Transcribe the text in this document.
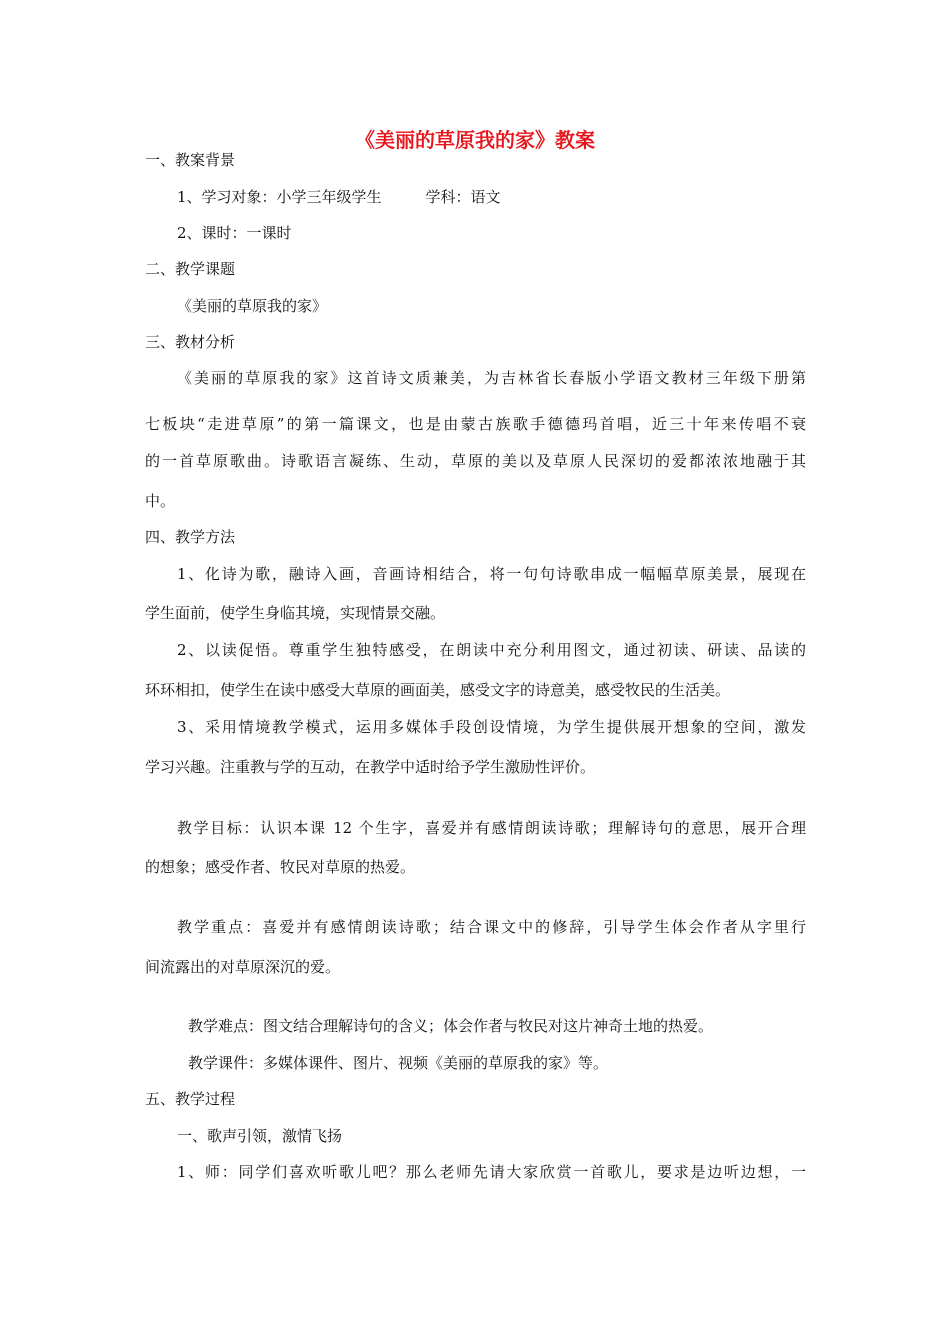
《美丽的草原我的家》教案

一、教案背景

1、学习对象：小学三年级学生	学科：语文

2、课时：一课时

二、教学课题

《美丽的草原我的家》

三、教材分析

《美丽的草原我的家》这首诗文质兼美，为吉林省长春版小学语文教材三年级下册第

七板块“走进草原”的第一篇课文，也是由蒙古族歌手德德玛首唱，近三十年来传唱不衰

的一首草原歌曲。诗歌语言凝练、生动，草原的美以及草原人民深切的爱都浓浓地融于其

中。

四、教学方法

1、化诗为歌，融诗入画，音画诗相结合，将一句句诗歌串成一幅幅草原美景，展现在

学生面前，使学生身临其境，实现情景交融。

2、以读促悟。尊重学生独特感受，在朗读中充分利用图文，通过初读、研读、品读的

环环相扣，使学生在读中感受大草原的画面美，感受文字的诗意美，感受牧民的生活美。

3、采用情境教学模式，运用多媒体手段创设情境，为学生提供展开想象的空间，激发

学习兴趣。注重教与学的互动，在教学中适时给予学生激励性评价。

教学目标：认识本课 12 个生字，喜爱并有感情朗读诗歌；理解诗句的意思，展开合理

的想象；感受作者、牧民对草原的热爱。

教学重点：喜爱并有感情朗读诗歌；结合课文中的修辞，引导学生体会作者从字里行

间流露出的对草原深沉的爱。

教学难点：图文结合理解诗句的含义；体会作者与牧民对这片神奇土地的热爱。

教学课件：多媒体课件、图片、视频《美丽的草原我的家》等。

五、教学过程

一、歌声引领，激情飞扬

1、师：同学们喜欢听歌儿吧？那么老师先请大家欣赏一首歌儿，要求是边听边想，一
